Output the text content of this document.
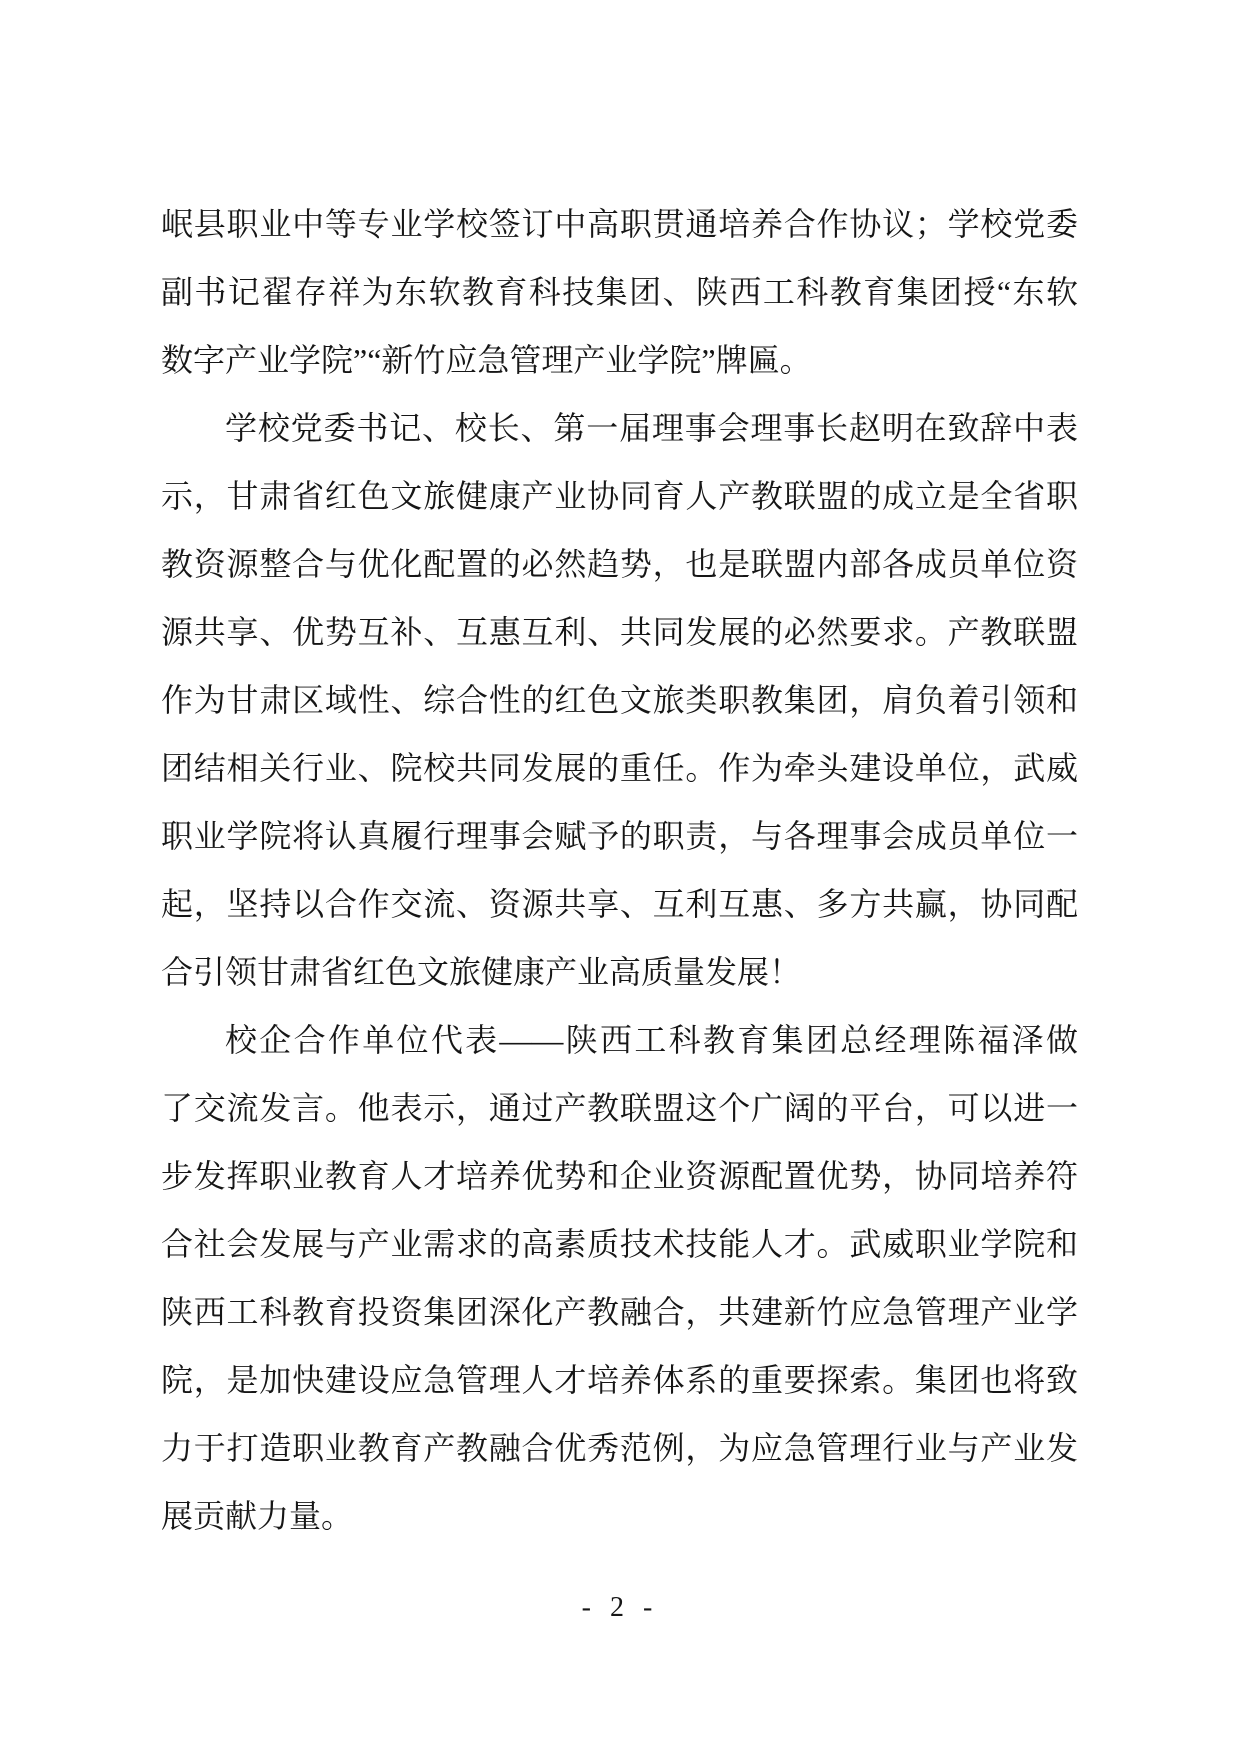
岷县职业中等专业学校签订中高职贯通培养合作协议；学校党委
副书记翟存祥为东软教育科技集团、陕西工科教育集团授“东软
数字产业学院”“新竹应急管理产业学院”牌匾。
学校党委书记、校长、第一届理事会理事长赵明在致辞中表
示，甘肃省红色文旅健康产业协同育人产教联盟的成立是全省职
教资源整合与优化配置的必然趋势，也是联盟内部各成员单位资
源共享、优势互补、互惠互利、共同发展的必然要求。产教联盟
作为甘肃区域性、综合性的红色文旅类职教集团，肩负着引领和
团结相关行业、院校共同发展的重任。作为牵头建设单位，武威
职业学院将认真履行理事会赋予的职责，与各理事会成员单位一
起，坚持以合作交流、资源共享、互利互惠、多方共赢，协同配
合引领甘肃省红色文旅健康产业高质量发展！
校企合作单位代表——陕西工科教育集团总经理陈福泽做
了交流发言。他表示，通过产教联盟这个广阔的平台，可以进一
步发挥职业教育人才培养优势和企业资源配置优势，协同培养符
合社会发展与产业需求的高素质技术技能人才。武威职业学院和
陕西工科教育投资集团深化产教融合，共建新竹应急管理产业学
院，是加快建设应急管理人才培养体系的重要探索。集团也将致
力于打造职业教育产教融合优秀范例，为应急管理行业与产业发
展贡献力量。
- 2 -
